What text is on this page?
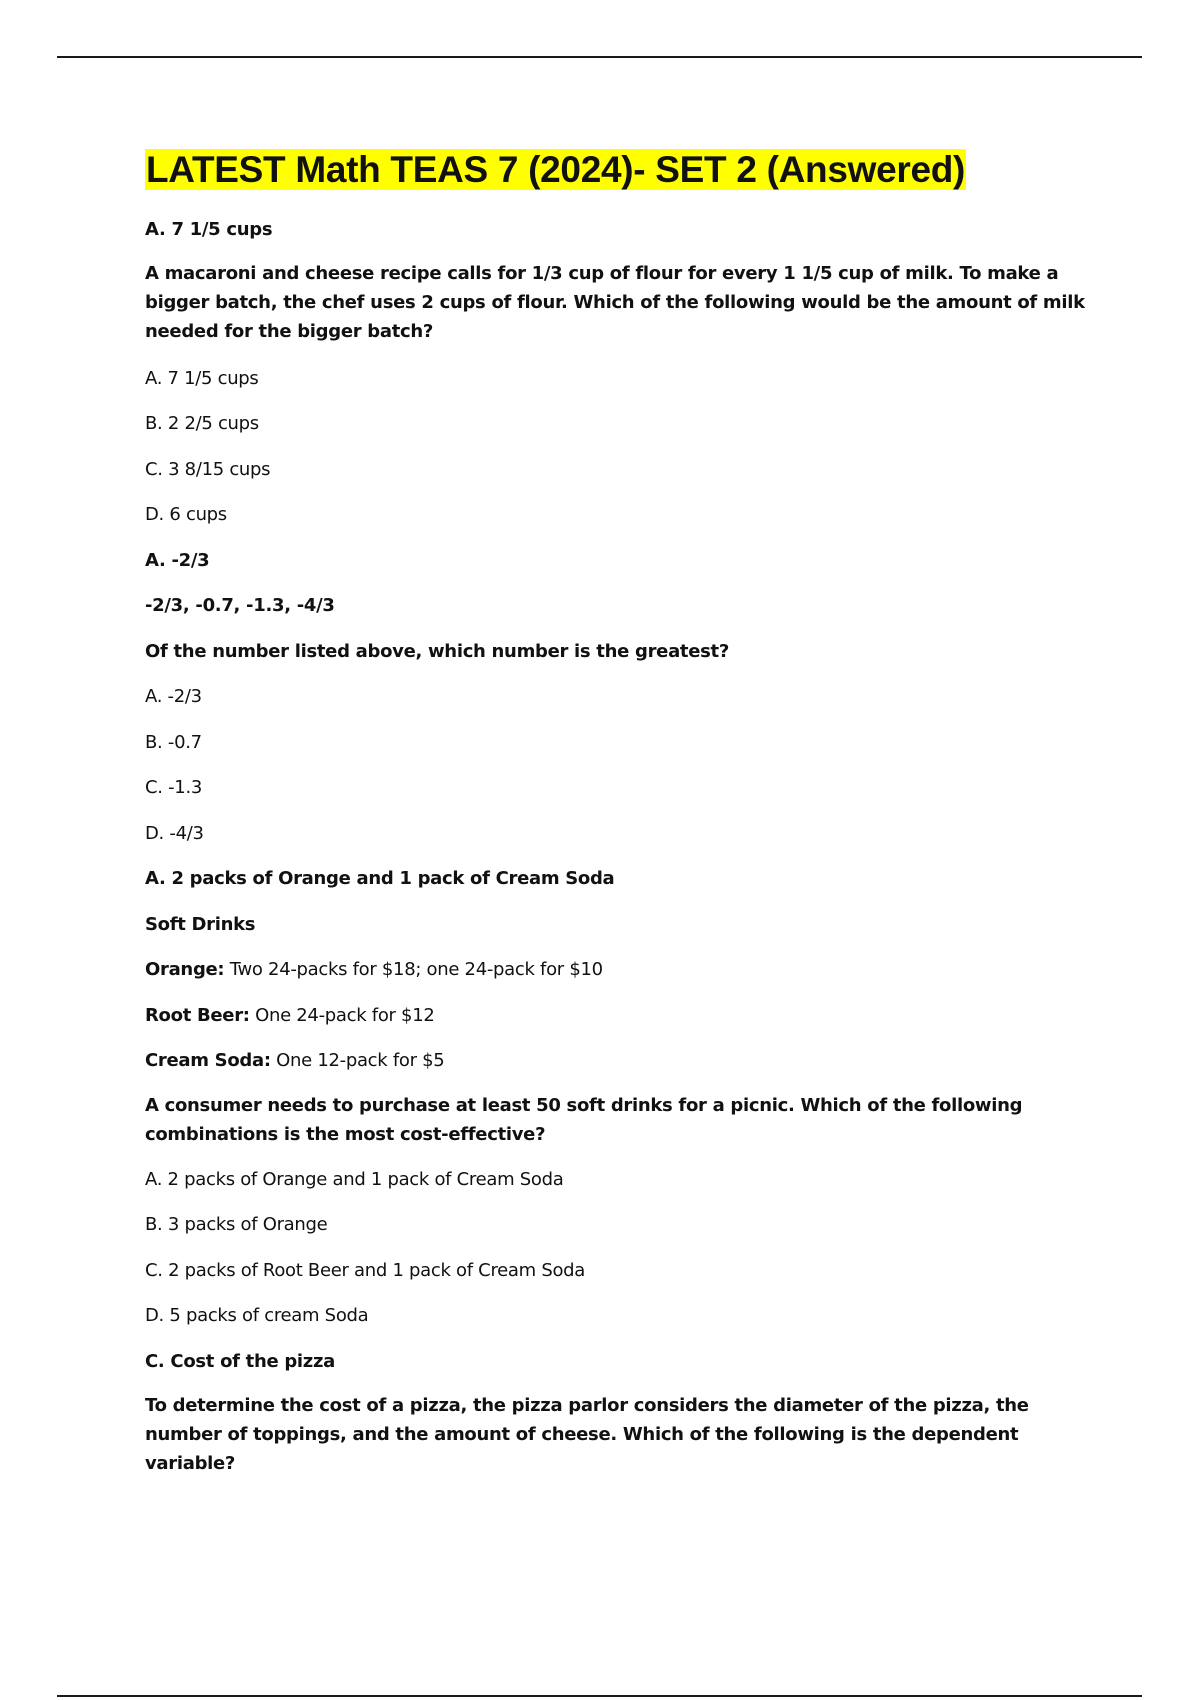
LATEST Math TEAS 7 (2024)- SET 2 (Answered)

A. 7 1/5 cups

A macaroni and cheese recipe calls for 1/3 cup of flour for every 1 1/5 cup of milk. To make a bigger batch, the chef uses 2 cups of flour. Which of the following would be the amount of milk needed for the bigger batch?

A. 7 1/5 cups

B. 2 2/5 cups

C. 3 8/15 cups

D. 6 cups

A. -2/3

-2/3, -0.7, -1.3, -4/3

Of the number listed above, which number is the greatest?

A. -2/3

B. -0.7

C. -1.3

D. -4/3

A. 2 packs of Orange and 1 pack of Cream Soda

Soft Drinks

Orange: Two 24-packs for $18; one 24-pack for $10

Root Beer: One 24-pack for $12

Cream Soda: One 12-pack for $5

A consumer needs to purchase at least 50 soft drinks for a picnic. Which of the following combinations is the most cost-effective?

A. 2 packs of Orange and 1 pack of Cream Soda

B. 3 packs of Orange

C. 2 packs of Root Beer and 1 pack of Cream Soda

D. 5 packs of cream Soda

C. Cost of the pizza

To determine the cost of a pizza, the pizza parlor considers the diameter of the pizza, the number of toppings, and the amount of cheese. Which of the following is the dependent variable?
